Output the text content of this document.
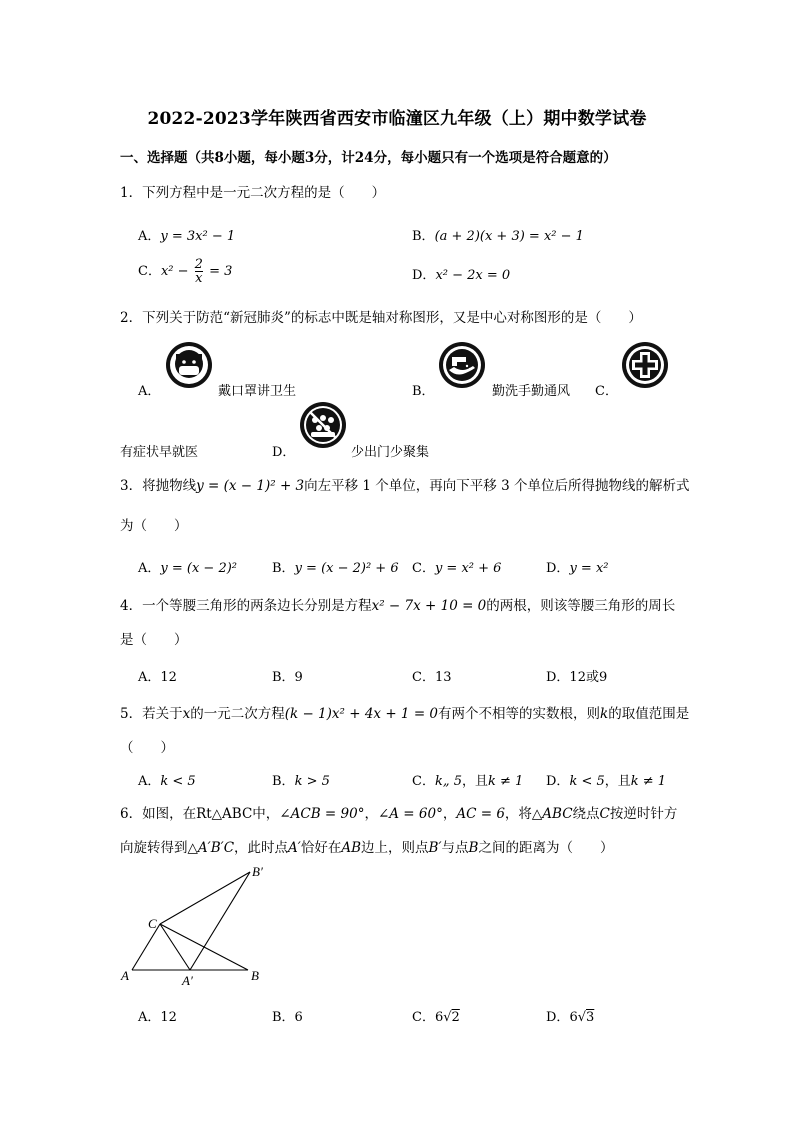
2022-2023学年陕西省西安市临潼区九年级（上）期中数学试卷
一、选择题（共8小题，每小题3分，计24分，每小题只有一个选项是符合题意的）
1．下列方程中是一元二次方程的是（　　）
A．y = 3x² − 1	B．(a + 2)(x + 3) = x² − 1
C．$x^2 - \frac{2}{x} = 3$	D．x² − 2x = 0
2．下列关于防范“新冠肺炎”的标志中既是轴对称图形，又是中心对称图形的是（　　）
A．	戴口罩讲卫生	B．	勤洗手勤通风 C．
有症状早就医	D．	少出门少聚集
3．将抛物线y = (x − 1)² + 3向左平移 1 个单位，再向下平移 3 个单位后所得抛物线的解析式
为（　　）
A．y = (x − 2)²	B．y = (x − 2)² + 6 C．y = x² + 6	D．y = x²
4．一个等腰三角形的两条边长分别是方程x² − 7x + 10 = 0的两根，则该等腰三角形的周长
是（　　）
A．12	B．9	C．13	D．12或9
5．若关于x的一元二次方程(k − 1)x² + 4x + 1 = 0有两个不相等的实数根，则k的取值范围是
（　　）
A．k < 5	B．k > 5	C．k„ 5，且k ≠ 1 D．k < 5，且k ≠ 1
6．如图，在Rt△ABC中，∠ACB = 90°，∠A = 60°，AC = 6，将△ABC绕点C按逆时针方
向旋转得到△A′B′C，此时点A′恰好在AB边上，则点B′与点B之间的距离为（　　）
B′
C
A	A′	B
A．12	B．6	C．6√2	D．6√3
